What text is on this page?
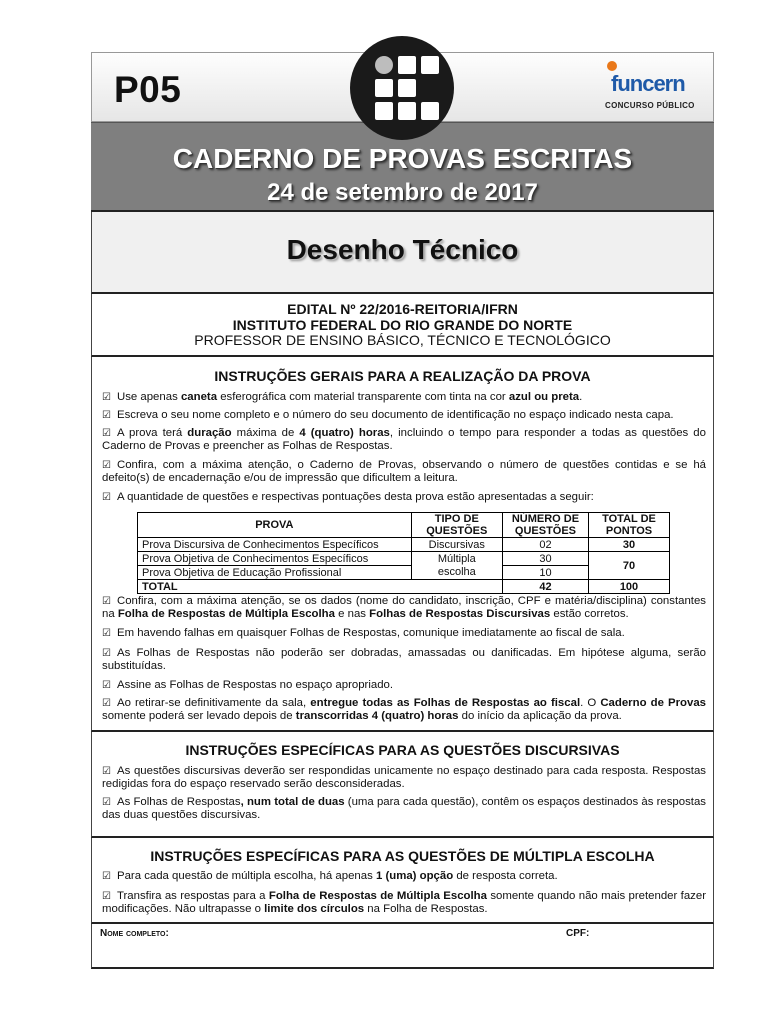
P05	funcern
CONCURSO PÚBLICO
CADERNO DE PROVAS ESCRITAS
24 de setembro de 2017
Desenho Técnico
EDITAL Nº 22/2016-REITORIA/IFRN
INSTITUTO FEDERAL DO RIO GRANDE DO NORTE
PROFESSOR DE ENSINO BÁSICO, TÉCNICO E TECNOLÓGICO
INSTRUÇÕES GERAIS PARA A REALIZAÇÃO DA PROVA
☑ Use apenas caneta esferográfica com material transparente com tinta na cor azul ou preta.
☑ Escreva o seu nome completo e o número do seu documento de identificação no espaço indicado nesta capa.
☑ A prova terá duração máxima de 4 (quatro) horas, incluindo o tempo para responder a todas as questões do Caderno de Provas e preencher as Folhas de Respostas.
☑ Confira, com a máxima atenção, o Caderno de Provas, observando o número de questões contidas e se há defeito(s) de encadernação e/ou de impressão que dificultem a leitura.
☑ A quantidade de questões e respectivas pontuações desta prova estão apresentadas a seguir:
PROVA	TIPO DE QUESTÕES	NÚMERO DE QUESTÕES	TOTAL DE PONTOS
Prova Discursiva de Conhecimentos Específicos	Discursivas	02	30
Prova Objetiva de Conhecimentos Específicos	Múltipla	30	70
Prova Objetiva de Educação Profissional	escolha	10	
TOTAL		42	100
☑ Confira, com a máxima atenção, se os dados (nome do candidato, inscrição, CPF e matéria/disciplina) constantes na Folha de Respostas de Múltipla Escolha e nas Folhas de Respostas Discursivas estão corretos.
☑ Em havendo falhas em quaisquer Folhas de Respostas, comunique imediatamente ao fiscal de sala.
☑ As Folhas de Respostas não poderão ser dobradas, amassadas ou danificadas. Em hipótese alguma, serão substituídas.
☑ Assine as Folhas de Respostas no espaço apropriado.
☑ Ao retirar-se definitivamente da sala, entregue todas as Folhas de Respostas ao fiscal. O Caderno de Provas somente poderá ser levado depois de transcorridas 4 (quatro) horas do início da aplicação da prova.
INSTRUÇÕES ESPECÍFICAS PARA AS QUESTÕES DISCURSIVAS
☑ As questões discursivas deverão ser respondidas unicamente no espaço destinado para cada resposta. Respostas redigidas fora do espaço reservado serão desconsideradas.
☑ As Folhas de Respostas, num total de duas (uma para cada questão), contêm os espaços destinados às respostas das duas questões discursivas.
INSTRUÇÕES ESPECÍFICAS PARA AS QUESTÕES DE MÚLTIPLA ESCOLHA
☑ Para cada questão de múltipla escolha, há apenas 1 (uma) opção de resposta correta.
☑ Transfira as respostas para a Folha de Respostas de Múltipla Escolha somente quando não mais pretender fazer modificações. Não ultrapasse o limite dos círculos na Folha de Respostas.
Nome completo:	CPF:
